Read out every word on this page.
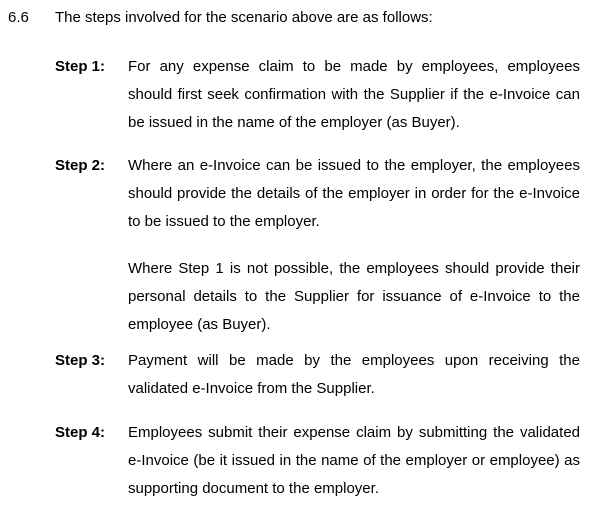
6.6 The steps involved for the scenario above are as follows:
Step 1: For any expense claim to be made by employees, employees should first seek confirmation with the Supplier if the e-Invoice can be issued in the name of the employer (as Buyer).

Step 2: Where an e-Invoice can be issued to the employer, the employees should provide the details of the employer in order for the e-Invoice to be issued to the employer.

Where Step 1 is not possible, the employees should provide their personal details to the Supplier for issuance of e-Invoice to the employee (as Buyer).

Step 3: Payment will be made by the employees upon receiving the validated e-Invoice from the Supplier.

Step 4: Employees submit their expense claim by submitting the validated e-Invoice (be it issued in the name of the employer or employee) as supporting document to the employer.
